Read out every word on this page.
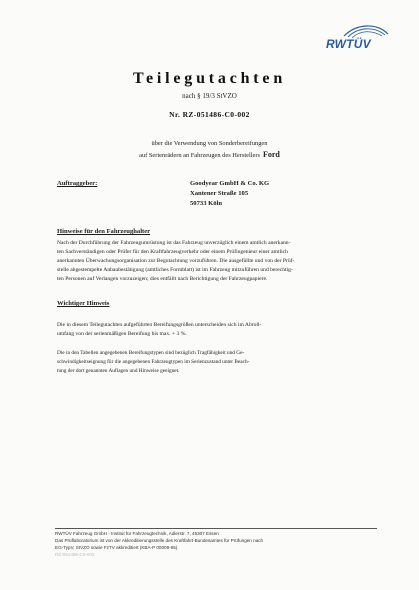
RWTÜV
Teilegutachten
nach § 19/3 StVZO
Nr. RZ-051486-C0-002
über die Verwendung von Sonderbereifungen
auf Serienrädern an Fahrzeugen des Herstellers Ford
Auftraggeber:	Goodyear GmbH & Co. KG
Xantener Straße 105
50733 Köln
Hinweise für den Fahrzeughalter
Nach der Durchführung der Fahrzeugumrüstung ist das Fahrzeug unverzüglich einem amtlich anerkann-
ten Sachverständigen oder Prüfer für den Kraftfahrzeugverkehr oder einem Prüfingenieur einer amtlich
anerkannten Überwachungsorganisation zur Begutachtung vorzuführen. Die ausgefüllte und von der Prüf-
stelle abgestempelte Anbaubestätigung (amtliches Formblatt) ist im Fahrzeug mitzuführen und berechtig-
ten Personen auf Verlangen vorzuzeigen; dies entfällt nach Berichtigung der Fahrzeugpapiere.
Wichtiger Hinweis
Die in diesem Teilegutachten aufgeführten Bereifungsgrößen unterscheiden sich im Abroll-
umfang von der serienmäßigen Bereifung bis max. + 3 %.
Die in den Tabellen angegebenen Bereifungstypen sind bezüglich Tragfähigkeit und Ge-
schwindigkeitseignung für die angegebenen Fahrzeugtypen im Serienzustand unter Beach-
tung der dort genannten Auflagen und Hinweise geeignet.
RWTÜV Fahrzeug GmbH - Institut für Fahrzeugtechnik, Adlerstr. 7, 45307 Essen
Das Prüflaboratorium ist von der Akkreditierungsstelle des Kraftfahrt-Bundesamtes für Prüfungen nach
EG-TypV, StVZO sowie FzTV akkreditiert (KBA-P 00009-95).
RZ-051486-C0-002
